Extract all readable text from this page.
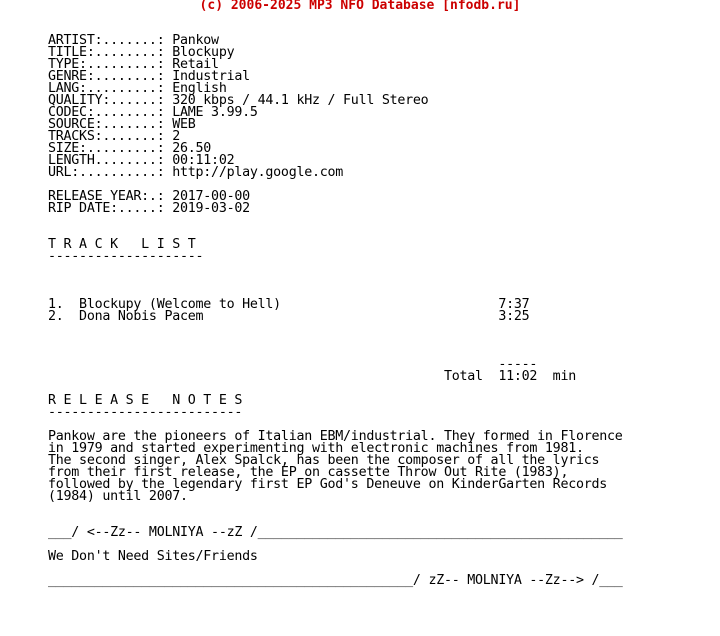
(c) 2006-2025 MP3 NFO Database [nfodb.ru]
ARTIST:.......: Pankow
TITLE:........: Blockupy
TYPE:.........: Retail
GENRE:........: Industrial
LANG:.........: English
QUALITY:......: 320 kbps / 44.1 kHz / Full Stereo
CODEC:........: LAME 3.99.5
SOURCE:.......: WEB
TRACKS:.......: 2
SIZE:.........: 26.50
LENGTH........: 00:11:02
URL:..........: http://play.google.com
RELEASE YEAR:.: 2017-00-00
RIP DATE:.....: 2019-03-02
T R A C K   L I S T
--------------------
1.  Blockupy (Welcome to Hell)                            7:37
2.  Dona Nobis Pacem                                      3:25
-----
Total  11:02  min
R E L E A S E   N O T E S
-------------------------
Pankow are the pioneers of Italian EBM/industrial. They formed in Florence
in 1979 and started experimenting with electronic machines from 1981.
The second singer, Alex Spalck, has been the composer of all the lyrics
from their first release, the EP on cassette Throw Out Rite (1983),
followed by the legendary first EP God's Deneuve on KinderGarten Records
(1984) until 2007.
___/ <--Zz-- MOLNIYA --zZ /_______________________________________________
We Don't Need Sites/Friends
_______________________________________________/ zZ-- MOLNIYA --Zz--> /___
